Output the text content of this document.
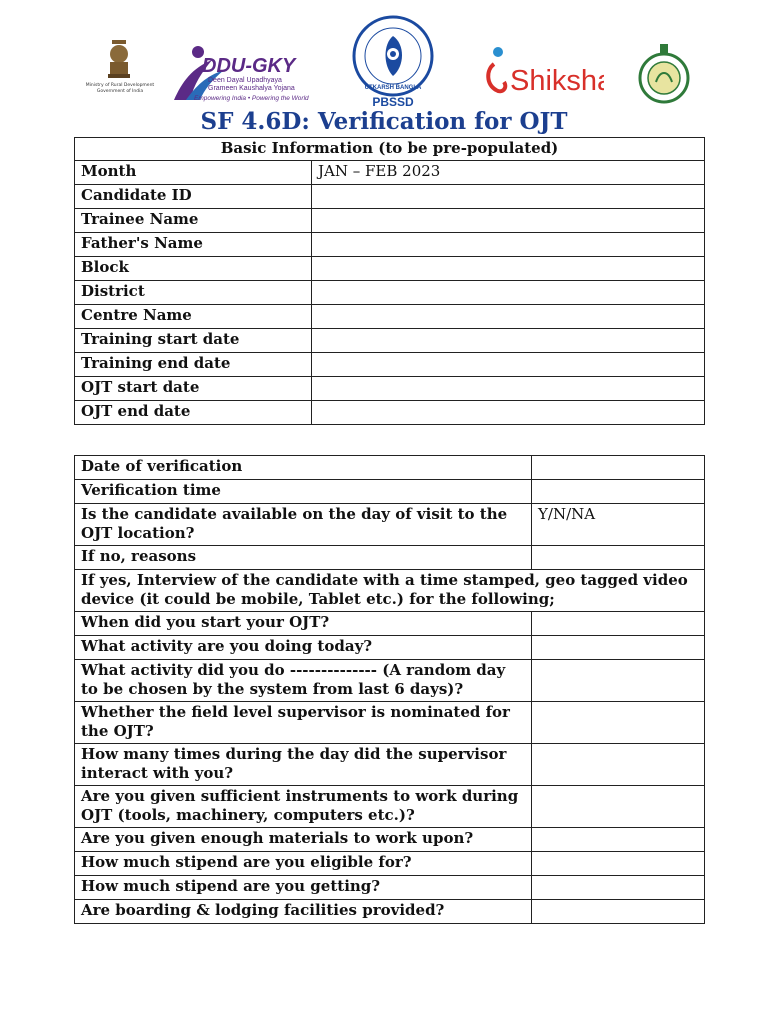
Ministry of Rural Development
Government of India
DDU-GKY
Deen Dayal Upadhyaya
Grameen Kaushalya Yojana
Empowering India • Powering the World
UTKARSH BANGLA
PBSSD
Shiksha
SF 4.6D: Verification for OJT
Basic Information (to be pre-populated)	
Month	JAN – FEB 2023
Candidate ID	
Trainee Name	
Father's Name	
Block	
District	
Centre Name	
Training start date	
Training end date	
OJT start date	
OJT end date	
Date of verification	
Verification time	
Is the candidate available on the day of visit to the OJT location?	Y/N/NA
If no, reasons	
If yes, Interview of the candidate with a time stamped, geo tagged video device (it could be mobile, Tablet etc.) for the following;	
When did you start your OJT?	
What activity are you doing today?	
What activity did you do -------------- (A random day to be chosen by the system from last 6 days)?	
Whether the field level supervisor is nominated for the OJT?	
How many times during the day did the supervisor interact with you?	
Are you given sufficient instruments to work during OJT (tools, machinery, computers etc.)?	
Are you given enough materials to work upon?	
How much stipend are you eligible for?	
How much stipend are you getting?	
Are boarding & lodging facilities provided?	
